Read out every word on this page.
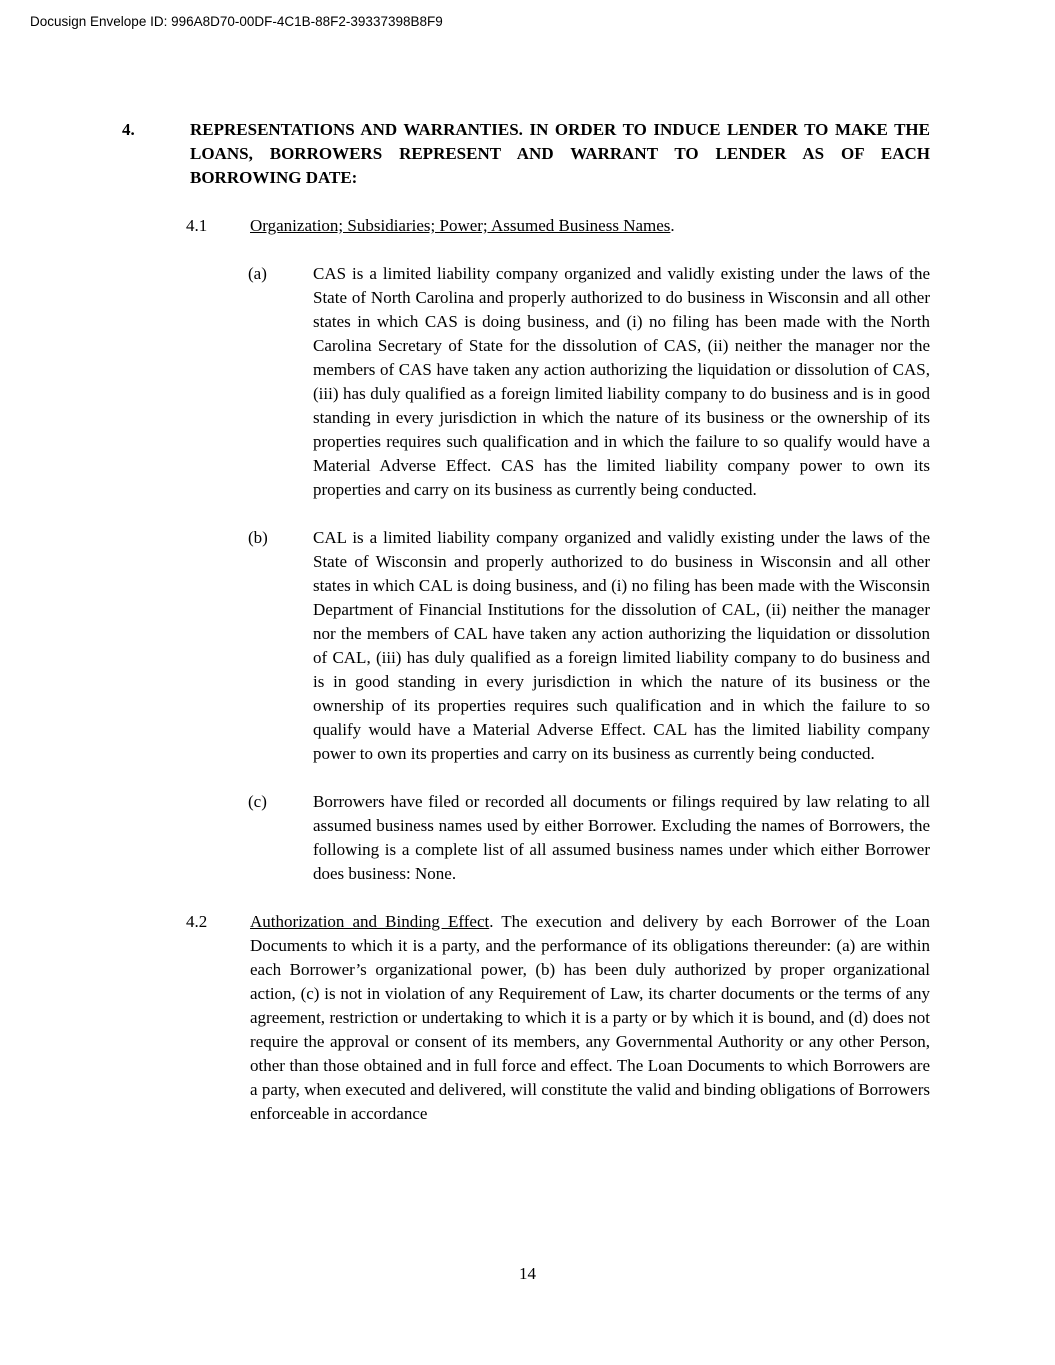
Docusign Envelope ID: 996A8D70-00DF-4C1B-88F2-39337398B8F9
4.	REPRESENTATIONS AND WARRANTIES. IN ORDER TO INDUCE LENDER TO MAKE THE LOANS, BORROWERS REPRESENT AND WARRANT TO LENDER AS OF EACH BORROWING DATE:
4.1	Organization; Subsidiaries; Power; Assumed Business Names.
(a)	CAS is a limited liability company organized and validly existing under the laws of the State of North Carolina and properly authorized to do business in Wisconsin and all other states in which CAS is doing business, and (i) no filing has been made with the North Carolina Secretary of State for the dissolution of CAS, (ii) neither the manager nor the members of CAS have taken any action authorizing the liquidation or dissolution of CAS, (iii) has duly qualified as a foreign limited liability company to do business and is in good standing in every jurisdiction in which the nature of its business or the ownership of its properties requires such qualification and in which the failure to so qualify would have a Material Adverse Effect. CAS has the limited liability company power to own its properties and carry on its business as currently being conducted.
(b)	CAL is a limited liability company organized and validly existing under the laws of the State of Wisconsin and properly authorized to do business in Wisconsin and all other states in which CAL is doing business, and (i) no filing has been made with the Wisconsin Department of Financial Institutions for the dissolution of CAL, (ii) neither the manager nor the members of CAL have taken any action authorizing the liquidation or dissolution of CAL, (iii) has duly qualified as a foreign limited liability company to do business and is in good standing in every jurisdiction in which the nature of its business or the ownership of its properties requires such qualification and in which the failure to so qualify would have a Material Adverse Effect. CAL has the limited liability company power to own its properties and carry on its business as currently being conducted.
(c)	Borrowers have filed or recorded all documents or filings required by law relating to all assumed business names used by either Borrower. Excluding the names of Borrowers, the following is a complete list of all assumed business names under which either Borrower does business: None.
4.2	Authorization and Binding Effect. The execution and delivery by each Borrower of the Loan Documents to which it is a party, and the performance of its obligations thereunder: (a) are within each Borrower’s organizational power, (b) has been duly authorized by proper organizational action, (c) is not in violation of any Requirement of Law, its charter documents or the terms of any agreement, restriction or undertaking to which it is a party or by which it is bound, and (d) does not require the approval or consent of its members, any Governmental Authority or any other Person, other than those obtained and in full force and effect. The Loan Documents to which Borrowers are a party, when executed and delivered, will constitute the valid and binding obligations of Borrowers enforceable in accordance
14
